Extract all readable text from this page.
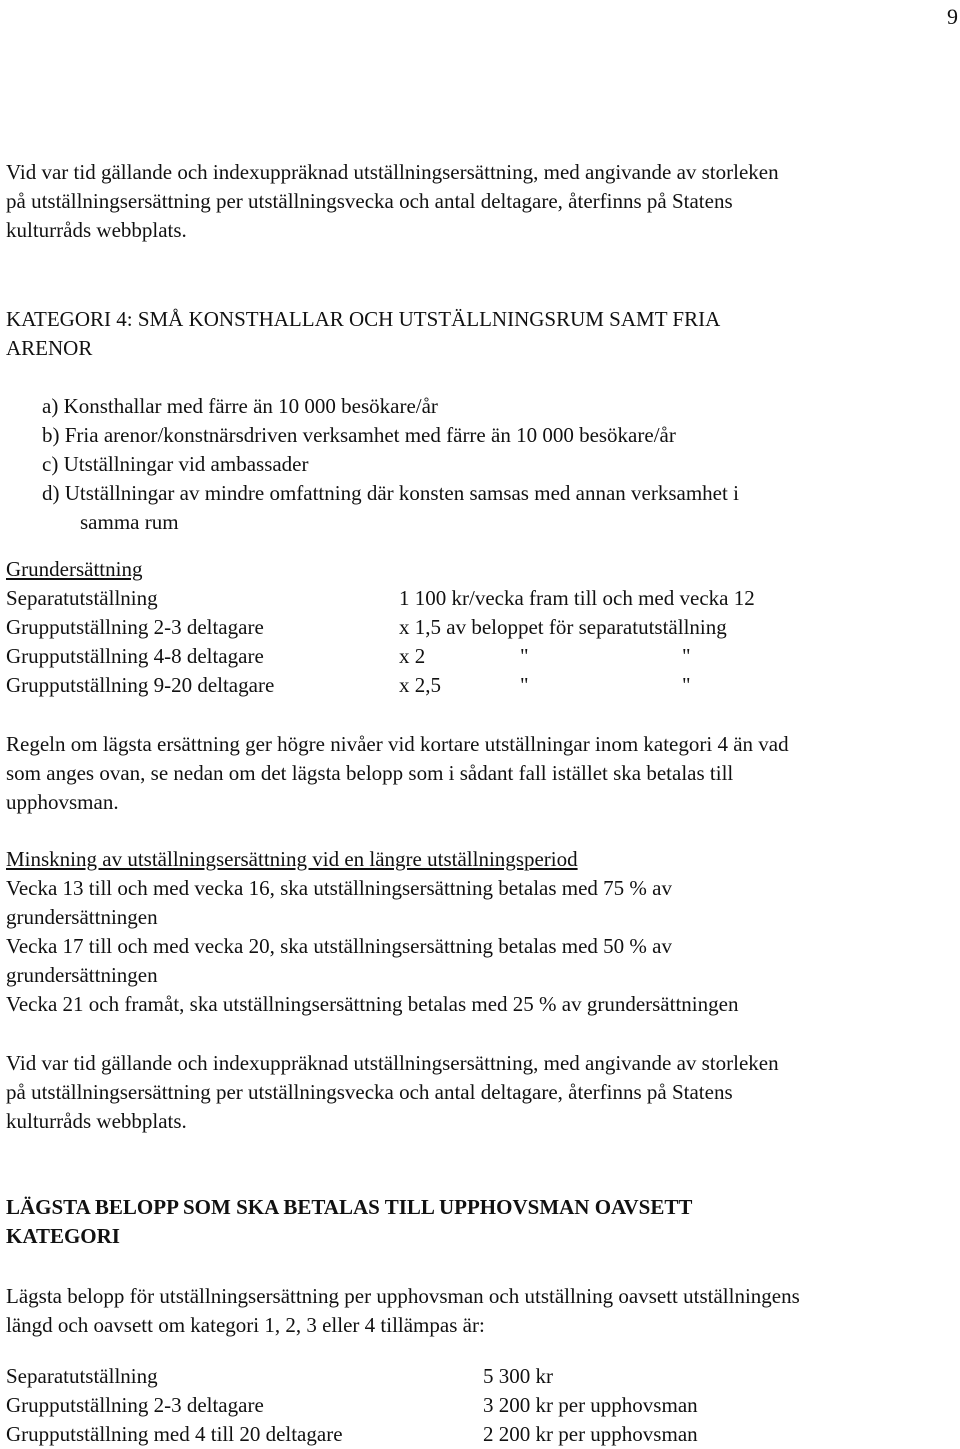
9
Vid var tid gällande och indexuppräknad utställningsersättning, med angivande av storleken
på utställningsersättning per utställningsvecka och antal deltagare, återfinns på Statens
kulturråds webbplats.
KATEGORI 4: SMÅ KONSTHALLAR OCH UTSTÄLLNINGSRUM SAMT FRIA
ARENOR
a) Konsthallar med färre än 10 000 besökare/år
b) Fria arenor/konstnärsdriven verksamhet med färre än 10 000 besökare/år
c) Utställningar vid ambassader
d) Utställningar av mindre omfattning där konsten samsas med annan verksamhet i
samma rum
Grundersättning
Separatutställning	1 100 kr/vecka fram till och med vecka 12
Grupputställning 2-3 deltagare	x 1,5 av beloppet för separatutställning
Grupputställning 4-8 deltagare	x 2	"	"
Grupputställning 9-20 deltagare	x 2,5	"	"
Regeln om lägsta ersättning ger högre nivåer vid kortare utställningar inom kategori 4 än vad
som anges ovan, se nedan om det lägsta belopp som i sådant fall istället ska betalas till
upphovsman.
Minskning av utställningsersättning vid en längre utställningsperiod
Vecka 13 till och med vecka 16, ska utställningsersättning betalas med 75 % av
grundersättningen
Vecka 17 till och med vecka 20, ska utställningsersättning betalas med 50 % av
grundersättningen
Vecka 21 och framåt, ska utställningsersättning betalas med 25 % av grundersättningen
Vid var tid gällande och indexuppräknad utställningsersättning, med angivande av storleken
på utställningsersättning per utställningsvecka och antal deltagare, återfinns på Statens
kulturråds webbplats.
LÄGSTA BELOPP SOM SKA BETALAS TILL UPPHOVSMAN OAVSETT
KATEGORI
Lägsta belopp för utställningsersättning per upphovsman och utställning oavsett utställningens
längd och oavsett om kategori 1, 2, 3 eller 4 tillämpas är:
Separatutställning	5 300 kr
Grupputställning 2-3 deltagare	3 200 kr per upphovsman
Grupputställning med 4 till 20 deltagare	2 200 kr per upphovsman
